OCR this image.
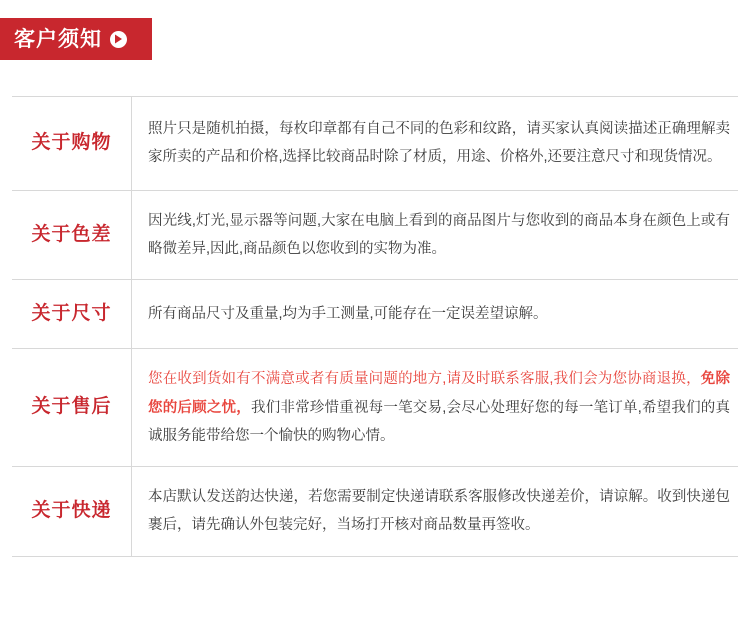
客户须知
关于购物	照片只是随机拍摄，每枚印章都有自己不同的色彩和纹路，请买家认真阅读描述正确理解卖家所卖的产品和价格,选择比较商品时除了材质，用途、价格外,还要注意尺寸和现货情况。
关于色差	因光线,灯光,显示器等问题,大家在电脑上看到的商品图片与您收到的商品本身在颜色上或有略微差异,因此,商品颜色以您收到的实物为准。
关于尺寸	所有商品尺寸及重量,均为手工测量,可能存在一定误差望谅解。
关于售后	您在收到货如有不满意或者有质量问题的地方,请及时联系客服,我们会为您协商退换，免除您的后顾之忧，我们非常珍惜重视每一笔交易,会尽心处理好您的每一笔订单,希望我们的真诚服务能带给您一个愉快的购物心情。
关于快递	本店默认发送韵达快递，若您需要制定快递请联系客服修改快递差价，请谅解。收到快递包裹后，请先确认外包装完好，当场打开核对商品数量再签收。
